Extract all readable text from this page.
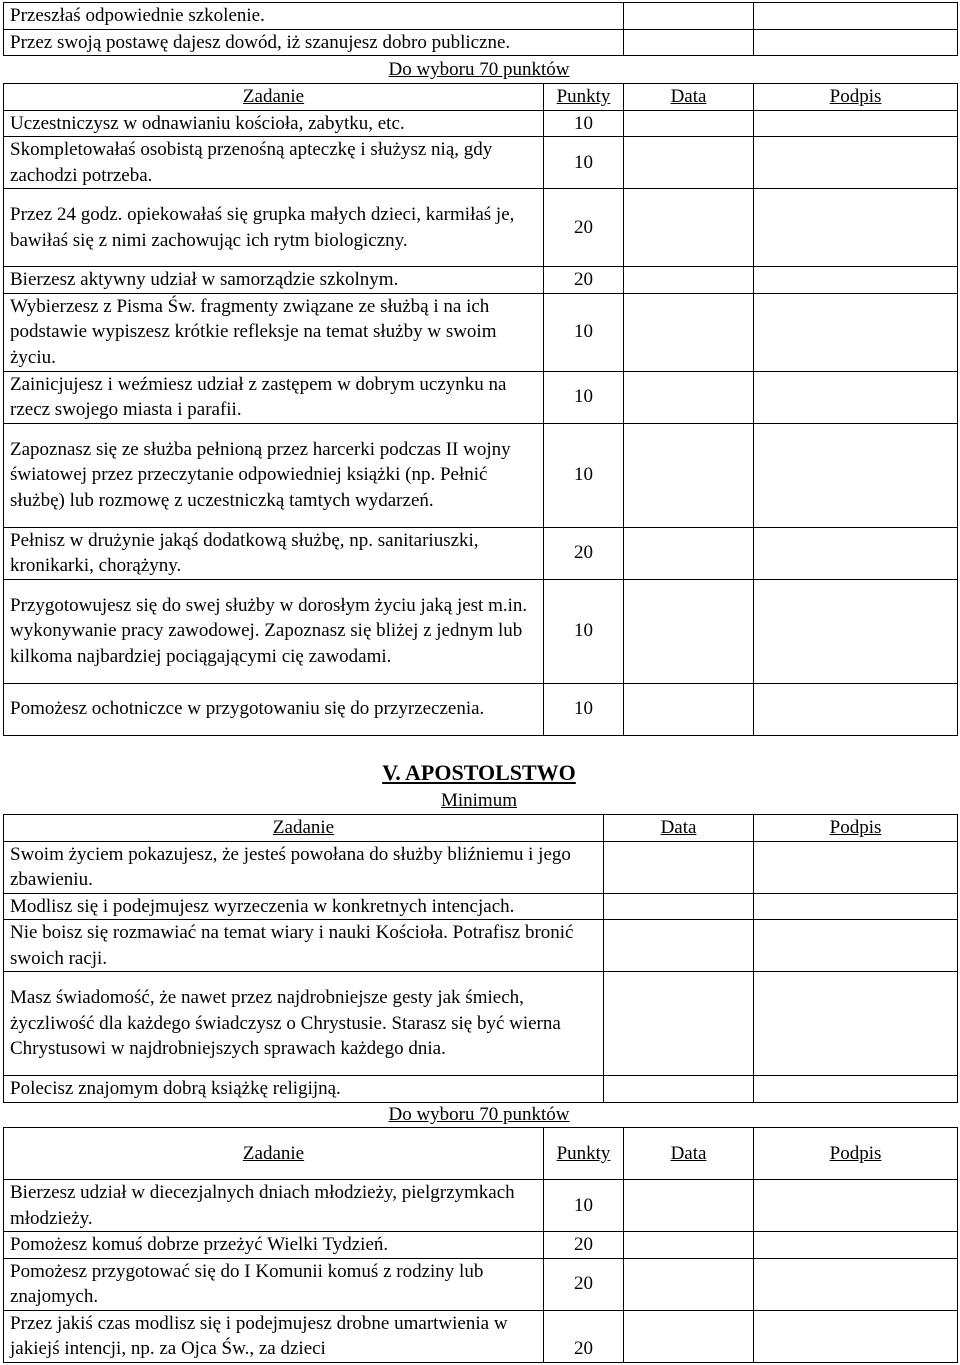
Przeszłaś odpowiednie szkolenie.		
Przez swoją postawę dajesz dowód, iż szanujesz dobro publiczne.		
Do wyboru 70 punktów
Zadanie	Punkty	Data	Podpis
Uczestniczysz w odnawianiu kościoła, zabytku, etc.	10		
Skompletowałaś osobistą przenośną apteczkę i służysz nią, gdy zachodzi potrzeba.	10		
Przez 24 godz. opiekowałaś się grupka małych dzieci, karmiłaś je, bawiłaś się z nimi zachowując ich rytm biologiczny.	20		
Bierzesz aktywny udział w samorządzie szkolnym.	20		
Wybierzesz z Pisma Św. fragmenty związane ze służbą i na ich podstawie wypiszesz krótkie refleksje na temat służby w swoim życiu.	10		
Zainicjujesz i weźmiesz udział z zastępem w dobrym uczynku na rzecz swojego miasta i parafii.	10		
Zapoznasz się ze służba pełnioną przez harcerki podczas II wojny światowej przez przeczytanie odpowiedniej książki (np. Pełnić służbę) lub rozmowę z uczestniczką tamtych wydarzeń.	10		
Pełnisz w drużynie jakąś dodatkową służbę, np. sanitariuszki, kronikarki, chorążyny.	20		
Przygotowujesz się do swej służby w dorosłym życiu jaką jest m.in. wykonywanie pracy zawodowej. Zapoznasz się bliżej z jednym lub kilkoma najbardziej pociągającymi cię zawodami.	10		
Pomożesz ochotniczce w przygotowaniu się do przyrzeczenia.	10		
V. APOSTOLSTWO
Minimum
Zadanie	Data	Podpis
Swoim życiem pokazujesz, że jesteś powołana do służby bliźniemu i jego zbawieniu.		
Modlisz się i podejmujesz wyrzeczenia w konkretnych intencjach.		
Nie boisz się rozmawiać na temat wiary i nauki Kościoła. Potrafisz bronić swoich racji.		
Masz świadomość, że nawet przez najdrobniejsze gesty jak śmiech, życzliwość dla każdego świadczysz o Chrystusie. Starasz się być wierna Chrystusowi w najdrobniejszych sprawach każdego dnia.		
Polecisz znajomym dobrą książkę religijną.		
Do wyboru 70 punktów
Zadanie	Punkty	Data	Podpis
Bierzesz udział w diecezjalnych dniach młodzieży, pielgrzymkach młodzieży.	10		
Pomożesz komuś dobrze przeżyć Wielki Tydzień.	20		
Pomożesz przygotować się do I Komunii komuś z rodziny lub znajomych.	20		
Przez jakiś czas modlisz się i podejmujesz drobne umartwienia w jakiejś intencji, np. za Ojca Św., za dzieci	20		
